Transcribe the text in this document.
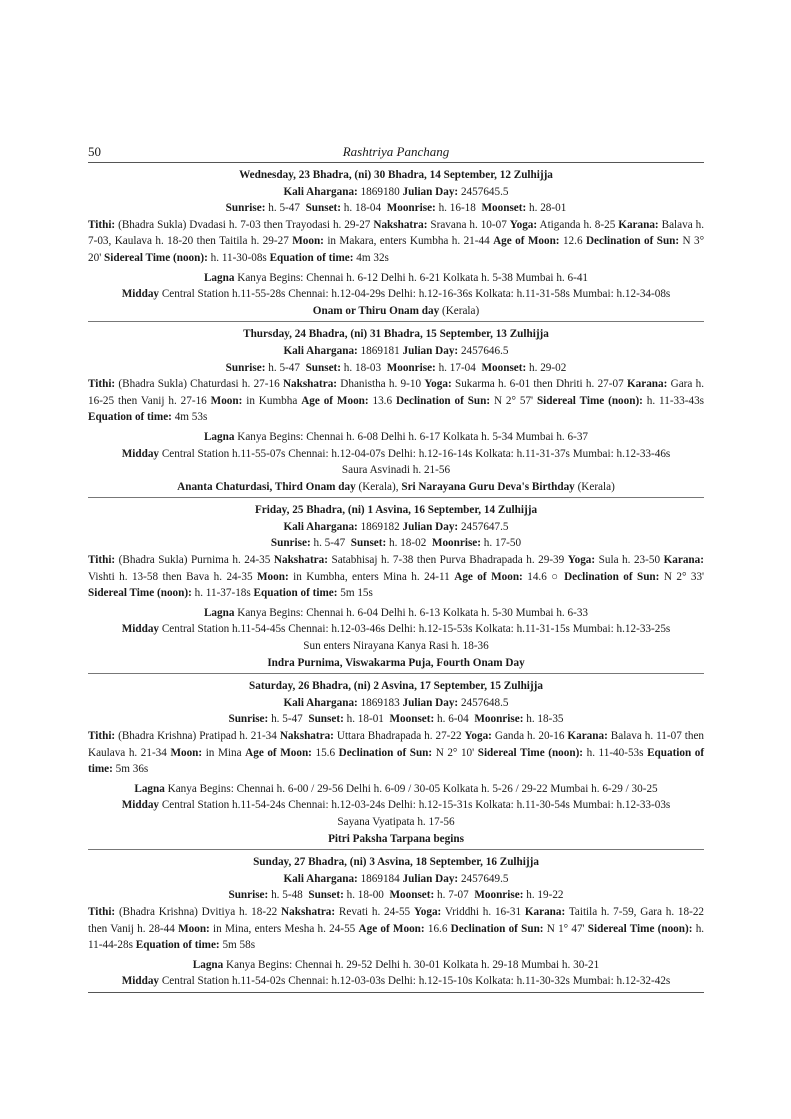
50	Rashtriya Panchang
Wednesday, 23 Bhadra, (ni) 30 Bhadra, 14 September, 12 Zulhijja
Kali Ahargana: 1869180 Julian Day: 2457645.5
Sunrise: h. 5-47 Sunset: h. 18-04 Moonrise: h. 16-18 Moonset: h. 28-01
Tithi: (Bhadra Sukla) Dvadasi h. 7-03 then Trayodasi h. 29-27 Nakshatra: Sravana h. 10-07 Yoga: Atiganda h. 8-25 Karana: Balava h. 7-03, Kaulava h. 18-20 then Taitila h. 29-27 Moon: in Makara, enters Kumbha h. 21-44 Age of Moon: 12.6 Declination of Sun: N 3° 20' Sidereal Time (noon): h. 11-30-08s Equation of time: 4m 32s
Lagna Kanya Begins: Chennai h. 6-12 Delhi h. 6-21 Kolkata h. 5-38 Mumbai h. 6-41
Midday Central Station h.11-55-28s Chennai: h.12-04-29s Delhi: h.12-16-36s Kolkata: h.11-31-58s Mumbai: h.12-34-08s
Onam or Thiru Onam day (Kerala)
Thursday, 24 Bhadra, (ni) 31 Bhadra, 15 September, 13 Zulhijja
Kali Ahargana: 1869181 Julian Day: 2457646.5
Sunrise: h. 5-47 Sunset: h. 18-03 Moonrise: h. 17-04 Moonset: h. 29-02
Tithi: (Bhadra Sukla) Chaturdasi h. 27-16 Nakshatra: Dhanistha h. 9-10 Yoga: Sukarma h. 6-01 then Dhriti h. 27-07 Karana: Gara h. 16-25 then Vanij h. 27-16 Moon: in Kumbha Age of Moon: 13.6 Declination of Sun: N 2° 57' Sidereal Time (noon): h. 11-33-43s Equation of time: 4m 53s
Lagna Kanya Begins: Chennai h. 6-08 Delhi h. 6-17 Kolkata h. 5-34 Mumbai h. 6-37
Midday Central Station h.11-55-07s Chennai: h.12-04-07s Delhi: h.12-16-14s Kolkata: h.11-31-37s Mumbai: h.12-33-46s
Saura Asvinadi h. 21-56
Ananta Chaturdasi, Third Onam day (Kerala), Sri Narayana Guru Deva's Birthday (Kerala)
Friday, 25 Bhadra, (ni) 1 Asvina, 16 September, 14 Zulhijja
Kali Ahargana: 1869182 Julian Day: 2457647.5
Sunrise: h. 5-47 Sunset: h. 18-02 Moonrise: h. 17-50
Tithi: (Bhadra Sukla) Purnima h. 24-35 Nakshatra: Satabhisaj h. 7-38 then Purva Bhadrapada h. 29-39 Yoga: Sula h. 23-50 Karana: Vishti h. 13-58 then Bava h. 24-35 Moon: in Kumbha, enters Mina h. 24-11 Age of Moon: 14.6 ○ Declination of Sun: N 2° 33' Sidereal Time (noon): h. 11-37-18s Equation of time: 5m 15s
Lagna Kanya Begins: Chennai h. 6-04 Delhi h. 6-13 Kolkata h. 5-30 Mumbai h. 6-33
Midday Central Station h.11-54-45s Chennai: h.12-03-46s Delhi: h.12-15-53s Kolkata: h.11-31-15s Mumbai: h.12-33-25s
Sun enters Nirayana Kanya Rasi h. 18-36
Indra Purnima, Viswakarma Puja, Fourth Onam Day
Saturday, 26 Bhadra, (ni) 2 Asvina, 17 September, 15 Zulhijja
Kali Ahargana: 1869183 Julian Day: 2457648.5
Sunrise: h. 5-47 Sunset: h. 18-01 Moonset: h. 6-04 Moonrise: h. 18-35
Tithi: (Bhadra Krishna) Pratipad h. 21-34 Nakshatra: Uttara Bhadrapada h. 27-22 Yoga: Ganda h. 20-16 Karana: Balava h. 11-07 then Kaulava h. 21-34 Moon: in Mina Age of Moon: 15.6 Declination of Sun: N 2° 10' Sidereal Time (noon): h. 11-40-53s Equation of time: 5m 36s
Lagna Kanya Begins: Chennai h. 6-00 / 29-56 Delhi h. 6-09 / 30-05 Kolkata h. 5-26 / 29-22 Mumbai h. 6-29 / 30-25
Midday Central Station h.11-54-24s Chennai: h.12-03-24s Delhi: h.12-15-31s Kolkata: h.11-30-54s Mumbai: h.12-33-03s
Sayana Vyatipata h. 17-56
Pitri Paksha Tarpana begins
Sunday, 27 Bhadra, (ni) 3 Asvina, 18 September, 16 Zulhijja
Kali Ahargana: 1869184 Julian Day: 2457649.5
Sunrise: h. 5-48 Sunset: h. 18-00 Moonset: h. 7-07 Moonrise: h. 19-22
Tithi: (Bhadra Krishna) Dvitiya h. 18-22 Nakshatra: Revati h. 24-55 Yoga: Vriddhi h. 16-31 Karana: Taitila h. 7-59, Gara h. 18-22 then Vanij h. 28-44 Moon: in Mina, enters Mesha h. 24-55 Age of Moon: 16.6 Declination of Sun: N 1° 47' Sidereal Time (noon): h. 11-44-28s Equation of time: 5m 58s
Lagna Kanya Begins: Chennai h. 29-52 Delhi h. 30-01 Kolkata h. 29-18 Mumbai h. 30-21
Midday Central Station h.11-54-02s Chennai: h.12-03-03s Delhi: h.12-15-10s Kolkata: h.11-30-32s Mumbai: h.12-32-42s
